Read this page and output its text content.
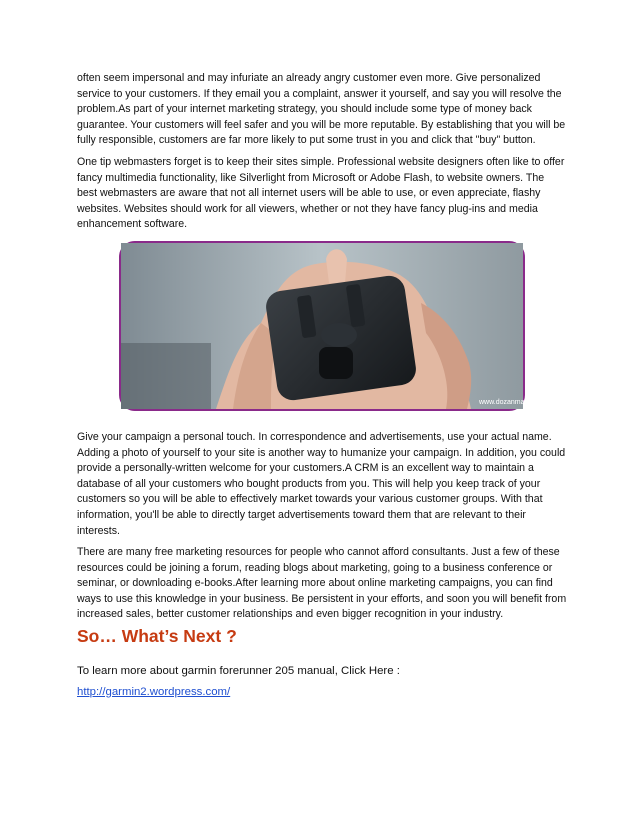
often seem impersonal and may infuriate an already angry customer even more. Give personalized service to your customers. If they email you a complaint, answer it yourself, and say you will resolve the problem.As part of your internet marketing strategy, you should include some type of money back guarantee. Your customers will feel safer and you will be more reputable. By establishing that you will be fully responsible, customers are far more likely to put some trust in you and click that "buy" button.

One tip webmasters forget is to keep their sites simple. Professional website designers often like to offer fancy multimedia functionality, like Silverlight from Microsoft or Adobe Flash, to website owners. The best webmasters are aware that not all internet users will be able to use, or even appreciate, flashy websites. Websites should work for all viewers, whether or not they have fancy plug-ins and media enhancement software.

www.dozanmah

Give your campaign a personal touch. In correspondence and advertisements, use your actual name. Adding a photo of yourself to your site is another way to humanize your campaign. In addition, you could provide a personally-written welcome for your customers.A CRM is an excellent way to maintain a database of all your customers who bought products from you. This will help you keep track of your customers so you will be able to effectively market towards your various customer groups. With that information, you'll be able to directly target advertisements toward them that are relevant to their interests.

There are many free marketing resources for people who cannot afford consultants. Just a few of these resources could be joining a forum, reading blogs about marketing, going to a business conference or seminar, or downloading e-books.After learning more about online marketing campaigns, you can find ways to use this knowledge in your business. Be persistent in your efforts, and soon you will benefit from increased sales, better customer relationships and even bigger recognition in your industry.

So… What’s Next ?

To learn more about garmin forerunner 205 manual, Click Here :

http://garmin2.wordpress.com/
